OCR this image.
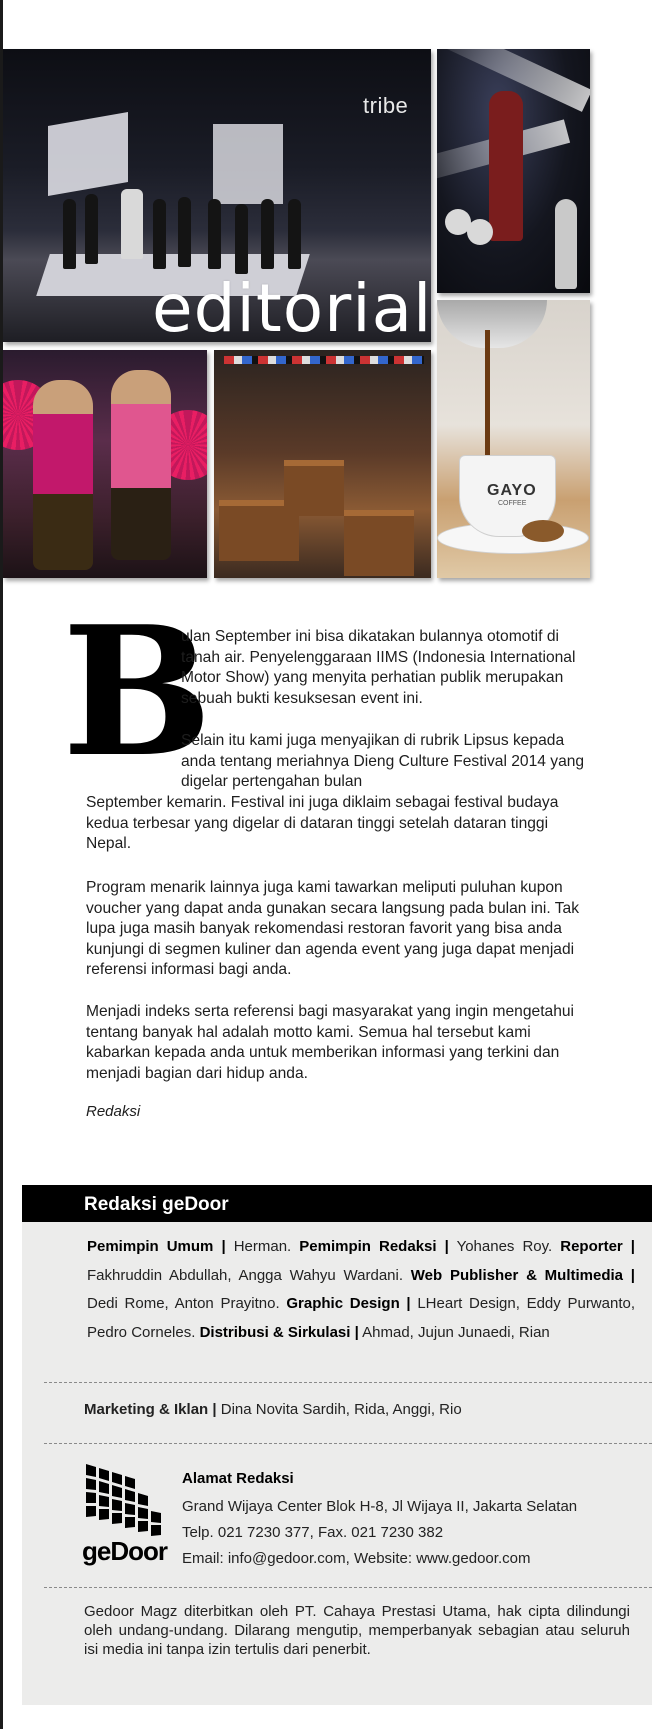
tribe
GAYO
COFFEE
editorial
B

ulan September ini bisa dikatakan bulannya otomotif di tanah air. Penyelenggaraan IIMS (Indonesia International Motor Show) yang menyita perhatian publik merupakan sebuah bukti kesuksesan event ini.

Selain itu kami juga menyajikan di rubrik Lipsus kepada anda tentang meriahnya Dieng Culture Festival 2014 yang digelar pertengahan bulan

September kemarin. Festival ini juga diklaim sebagai festival budaya kedua terbesar yang digelar di dataran tinggi setelah dataran tinggi Nepal.

Program menarik lainnya juga kami tawarkan meliputi puluhan kupon voucher yang dapat anda gunakan secara langsung pada bulan ini. Tak lupa juga masih banyak rekomendasi restoran favorit yang bisa anda kunjungi di segmen kuliner dan agenda event yang juga dapat menjadi referensi informasi bagi anda.

Menjadi indeks serta referensi bagi masyarakat yang ingin mengetahui tentang banyak hal adalah motto kami. Semua hal tersebut kami kabarkan kepada anda untuk memberikan informasi yang terkini dan menjadi bagian dari hidup anda.

Redaksi
Redaksi geDoor
Pemimpin Umum | Herman. Pemimpin Redaksi | Yohanes Roy. Reporter | Fakhruddin Abdullah, Angga Wahyu Wardani. Web Publisher & Multimedia | Dedi Rome, Anton Prayitno. Graphic Design | LHeart Design, Eddy Purwanto, Pedro Corneles. Distribusi & Sirkulasi | Ahmad, Jujun Junaedi, Rian
Marketing & Iklan | Dina Novita Sardih, Rida, Anggi, Rio
geDoor
Alamat Redaksi
Grand Wijaya Center Blok H-8, Jl Wijaya II, Jakarta Selatan
Telp. 021 7230 377, Fax. 021 7230 382
Email: info@gedoor.com, Website: www.gedoor.com
Gedoor Magz diterbitkan oleh PT. Cahaya Prestasi Utama, hak cipta dilindungi oleh undang-undang. Dilarang mengutip, memperbanyak sebagian atau seluruh isi media ini tanpa izin tertulis dari penerbit.
